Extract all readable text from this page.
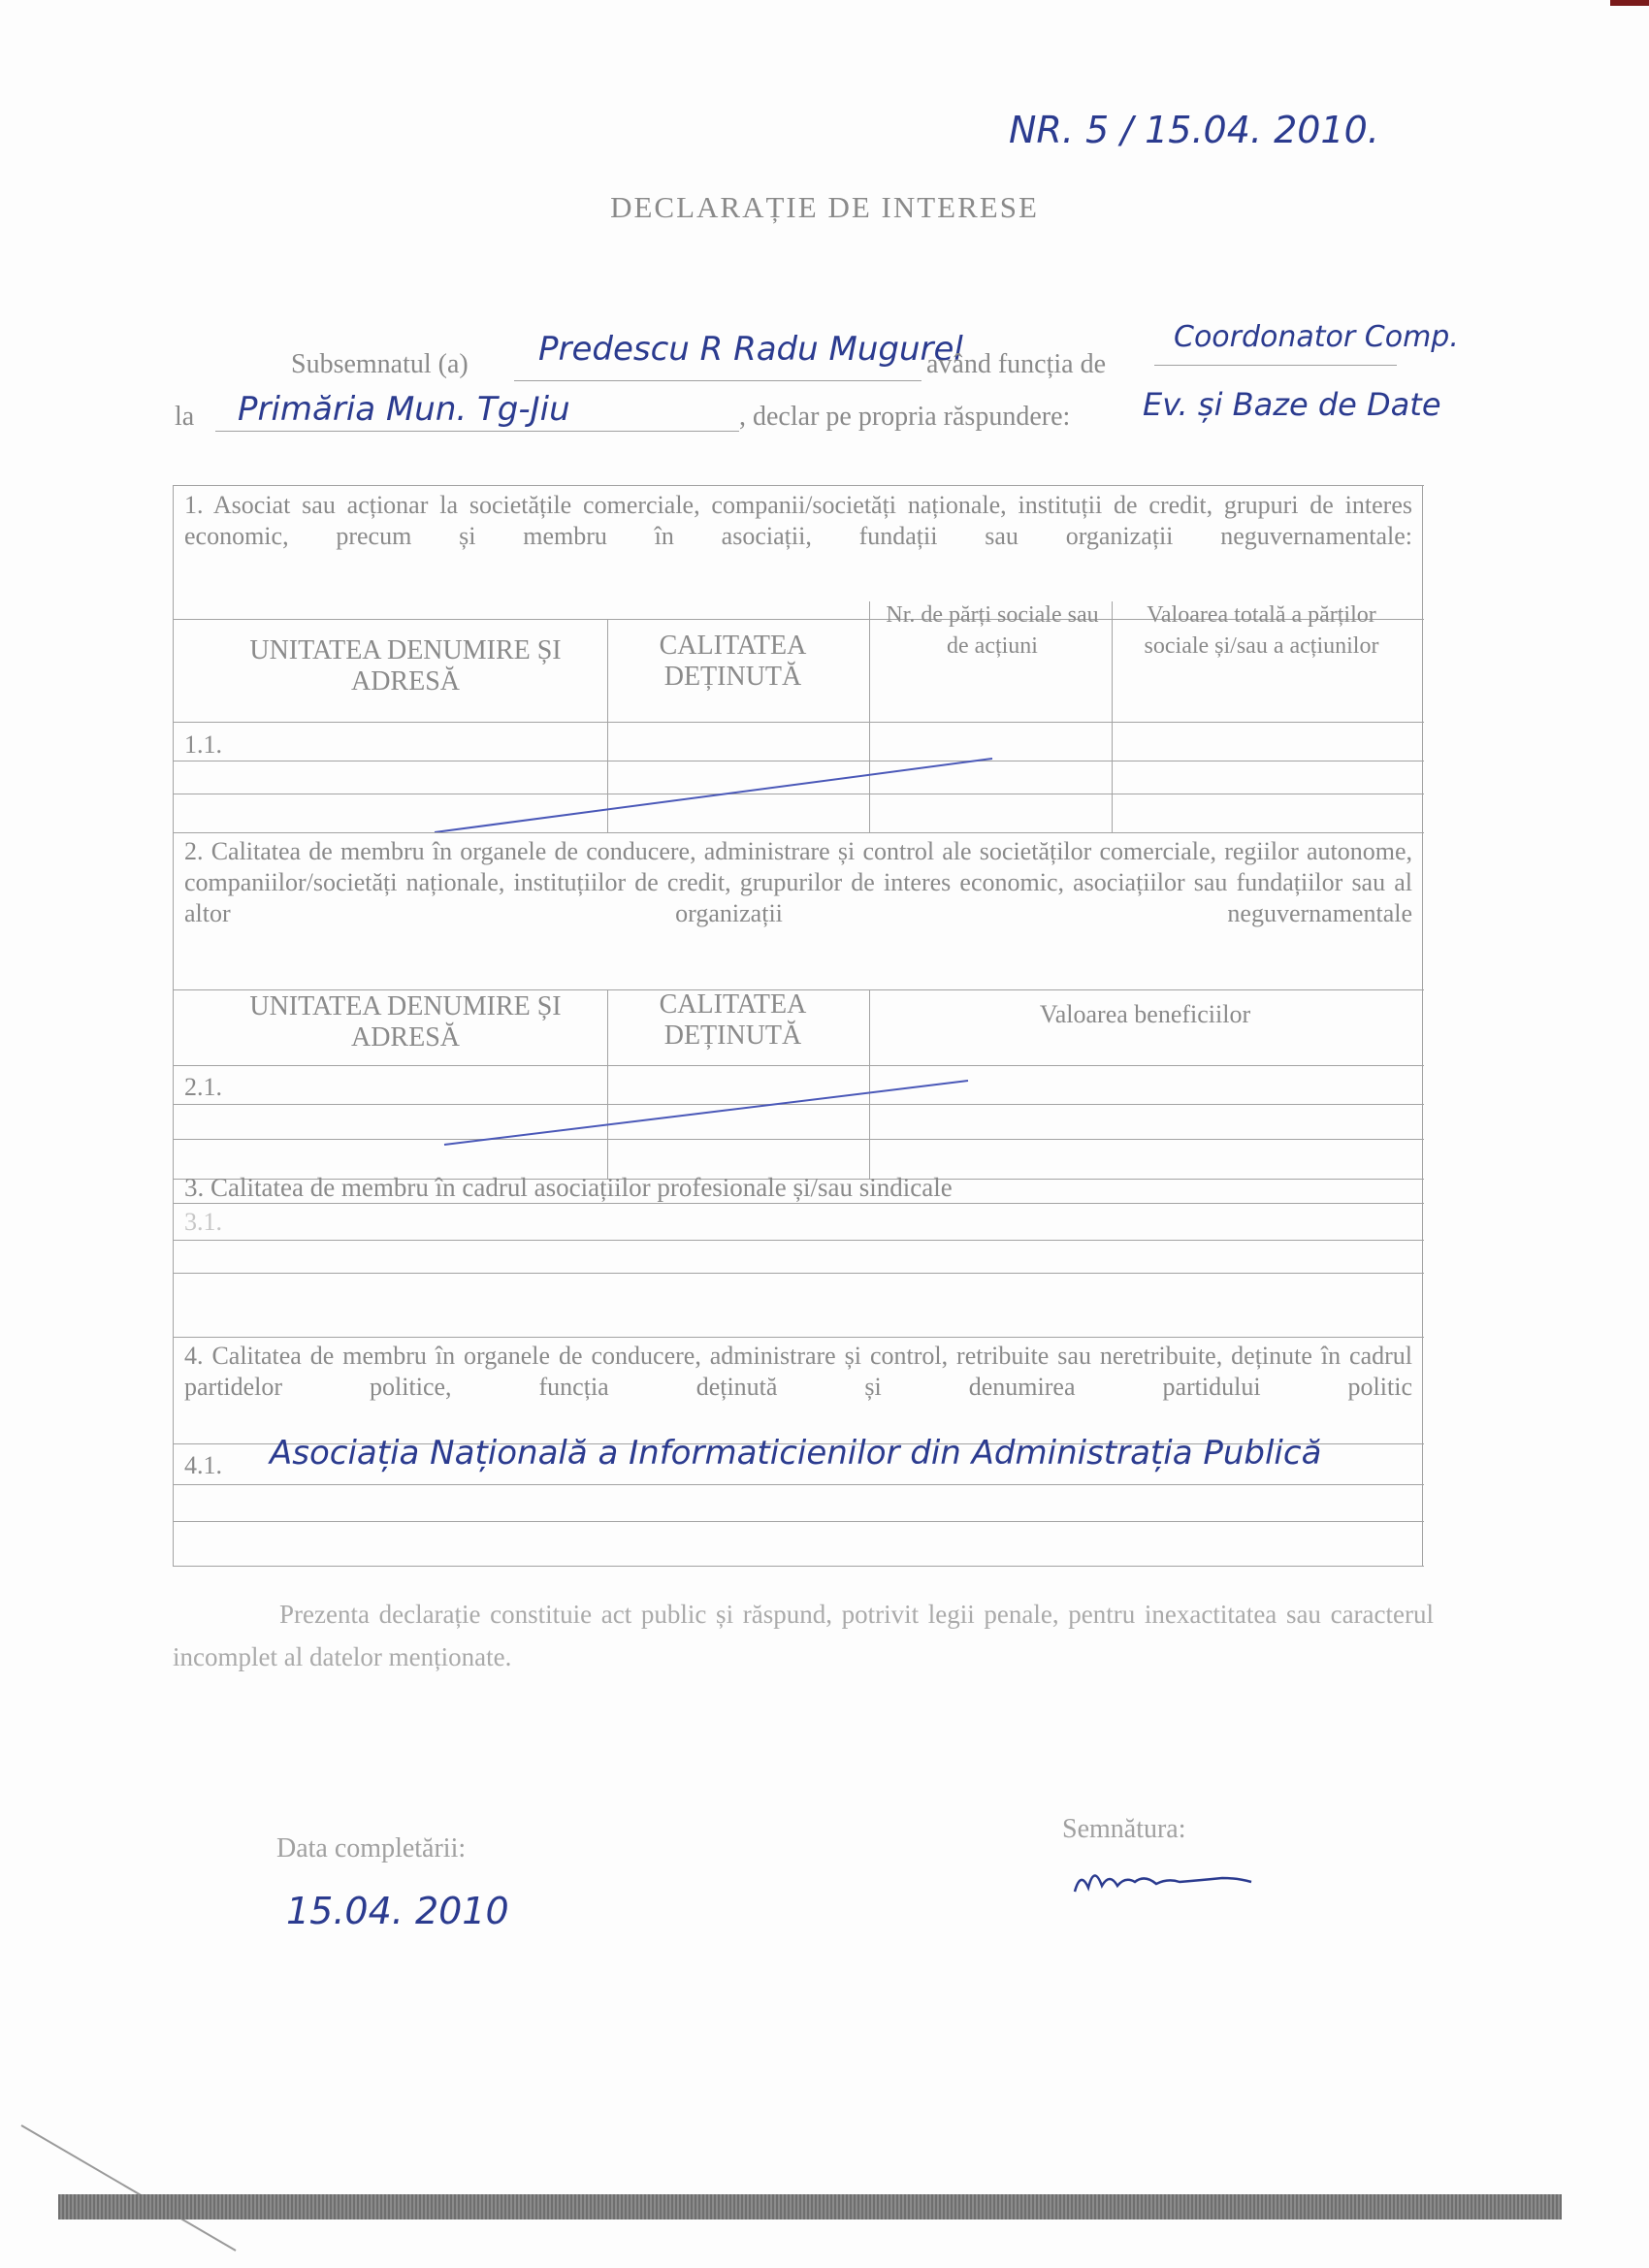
NR. 5 / 15.04. 2010.
DECLARAȚIE DE INTERESE
Subsemnatul (a) Predescu R Radu Mugurel
având funcția de
Coordonator Comp.
la Primăria Mun. Tg-Jiu	, declar pe propria răspundere: Ev. și Baze de Date
1. Asociat sau acționar la societățile comerciale, companii/societăți naționale, instituții de credit, grupuri de interes economic, precum și membru în asociații, fundații sau organizații neguvernamentale:
UNITATEA DENUMIRE ȘI ADRESĂ
CALITATEA DEȚINUTĂ
Nr. de părți sociale sau de acțiuni
Valoarea totală a părților sociale și/sau a acțiunilor
1.1.
2. Calitatea de membru în organele de conducere, administrare și control ale societăților comerciale, regiilor autonome, companiilor/societăți naționale, instituțiilor de credit, grupurilor de interes economic, asociațiilor sau fundațiilor sau al altor organizații neguvernamentale
UNITATEA DENUMIRE ȘI ADRESĂ
CALITATEA DEȚINUTĂ
Valoarea beneficiilor
2.1.
3. Calitatea de membru în cadrul asociațiilor profesionale și/sau sindicale
3.1.
4. Calitatea de membru în organele de conducere, administrare și control, retribuite sau neretribuite, deținute în cadrul partidelor politice, funcția deținută și denumirea partidului politic
4.1. Asociația Națională a Informaticienilor din Administrația Publică
Prezenta declarație constituie act public și răspund, potrivit legii penale, pentru inexactitatea sau caracterul incomplet al datelor menționate.
Data completării:
15.04. 2010
Semnătura:
